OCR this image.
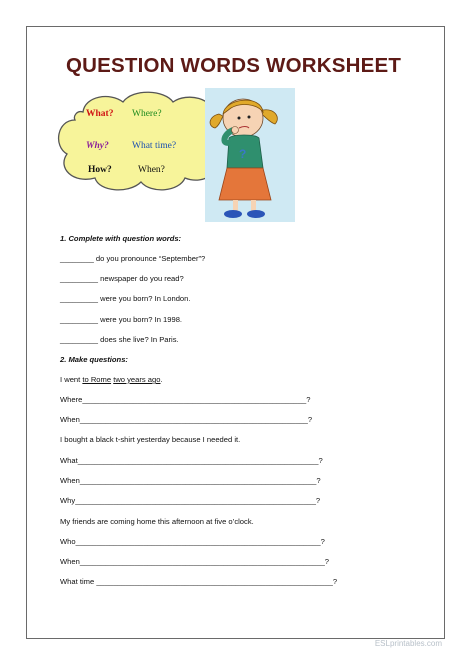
QUESTION WORDS WORKSHEET
What? Where?
Why? What time?
How?	When?
?
1. Complete with question words:
________ do you pronounce “September”?
_________ newspaper do you read?
_________ were you born? In London.
_________ were you born? In 1998.
_________ does she live? In Paris.
2. Make questions:
I went to Rome two years ago.
Where_____________________________________________________?
When______________________________________________________?
I bought a black t-shirt yesterday because I needed it.
What_________________________________________________________?
When________________________________________________________?
Why_________________________________________________________?
My friends are coming home this afternoon at five o’clock.
Who__________________________________________________________?
When__________________________________________________________?
What time ________________________________________________________?
ESLprintables.com
